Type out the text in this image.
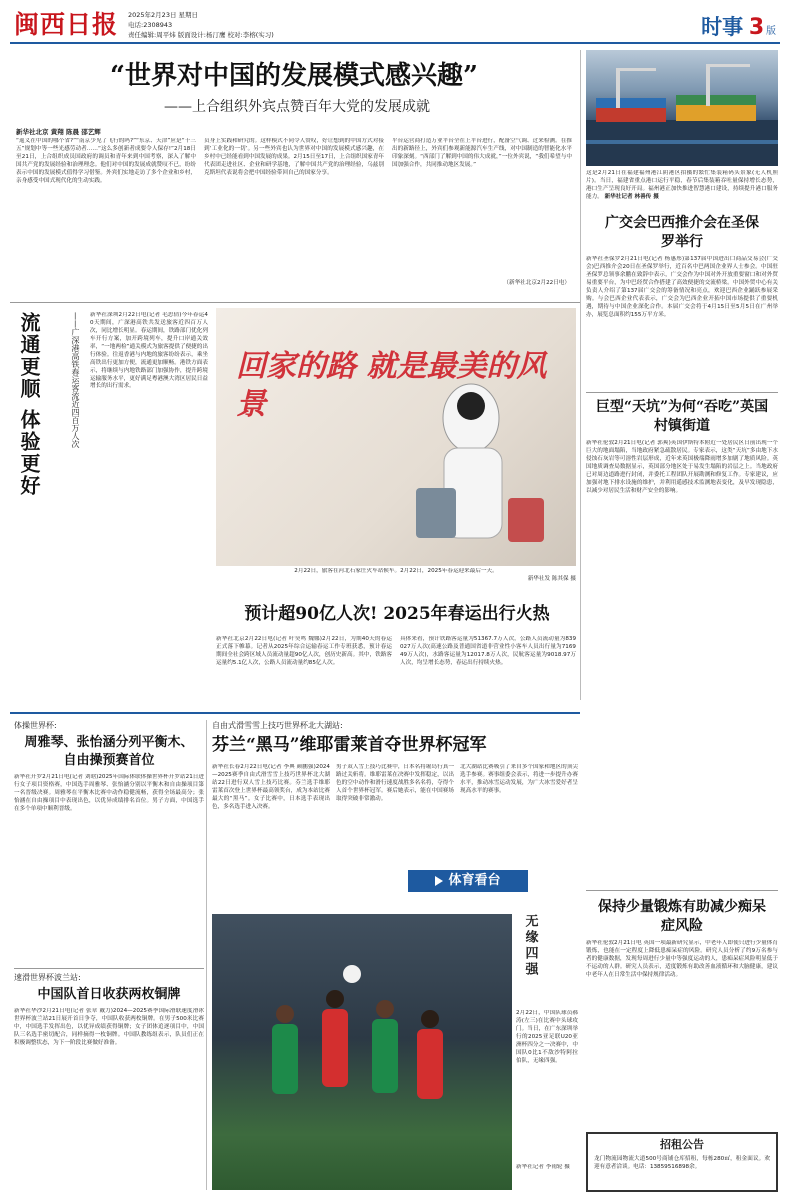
闽西日报 2025年2月23日 星期日
电话:2308943
责任编辑:周平炜 版面设计:杨汀鹰 校对:李榕(实习)	时事 3 版
“世界对中国的发展模式感兴趣”
——上合组织外宾点赞百年大党的发展成就
新华社北京 黄翔 陈晨 邵艺辉
“遥义在中国的哪个省?”“南京少见了飞行的吗?”“东京、天津”应是“十三五”规划中等一些光感劳动者……“这么多创新者成要令人保存!”2月18日至21日，上合组织成员国政府的调员和青年来到中国考察，深入了解中国共产党的发展经验和治理理念。他们对中国的发展成就赞叹不已，纷纷表示中国的发展模式值得学习借鉴。外宾们实地走访了多个企业和乡村，亲身感受中国式现代化的生动实践。
员身上实践和研究的。这样模式不同令人赞叹，好让想到的中国方式对接到‘工业化的一切’。另一些外宾也认为世界对中国的发展模式感兴趣，在乡村中已经能看到中国发展的成果。2月15日至17日，上合组织国家青年代表团走进社区、企业和研学基地，了解中国共产党的治理经验，乌兹别克斯坦代表说将会把中国经验带回自己的国家分享。
平台运营商打造万业平台全在上平台进行，配备空气调、过来检测。在推出的新路径上，外宾们参观新能源汽车生产线，对中国制造的智能化水平印象深刻。“西部门了解到中国的伟大成就，”一位外宾说，“我们希望与中国加强合作，共同推动地区发展。”
（新华社北京2月22日电）
这是2月21日在福建福州港江阴港区拍摄的繁忙集装箱码头景象(无人机照片)。当日，福建省重点港口运行平稳，春节后集装箱吞吐量保持增长态势，港口生产呈现良好开局。福州港正加快推进智慧港口建设，持续提升港口服务能力。 新华社记者 林善传 摄
广交会巴西推介会在圣保罗举行
新华社圣保罗2月21日电(记者 杨惠彤)第137届中国进出口商品交易会(广交会)巴西推介会20日在圣保罗举行，近百名中巴两国企业界人士参会。中国驻圣保罗总领事余鹏在致辞中表示，广交会作为中国对外开放重要窗口和对外贸易重要平台，为中巴经贸合作搭建了高效便捷的交流桥梁。中国外贸中心有关负责人介绍了第137届广交会的筹备情况和亮点，欢迎巴西企业踊跃参展采购。与会巴西企业代表表示，广交会为巴西企业开拓中国市场提供了重要机遇，期待与中国企业深化合作。本届广交会将于4月15日至5月5日在广州举办，展览总面积约155万平方米。
巨型“天坑”为何“吞吃”英国村镇街道
新华社伦敦2月21日电(记者 郭爽)英国伊斯特本附近一处居民区日前出现一个巨大的地面塌陷，当地政府紧急疏散居民。专家表示，这类“天坑”多由地下水侵蚀石灰岩等可溶性岩层形成，近年来英国极端降雨增多加剧了地质风险。英国地质调查局数据显示，英国部分地区处于易发生塌陷的岩层之上。当地政府已对周边道路进行封闭，并委托工程团队开展勘测和修复工作。专家建议，应加强对地下排水设施的维护，并利用遥感技术监测地表变化，及早发现隐患，以减少对居民生活和财产安全的影响。
保持少量锻炼有助减少痴呆症风险
新华社伦敦2月21日电 英国一项最新研究显示，中老年人即使只进行少量体育锻炼，也能在一定程度上降低患痴呆症的风险。研究人员分析了约9万名参与者的健康数据，发现每周进行少量中等强度运动的人，患痴呆症风险明显低于不运动的人群。研究人员表示，适度锻炼有助改善血液循环和大脑健康，建议中老年人在日常生活中保持规律活动。
招租公告
龙门物流园物流大道500号商铺仓库招租，每栋280㎡，租金面议。欢迎有意者洽谈。电话：13859516898余。
流通更顺 体验更好	——广深港高铁春运客流近四百万人次 新华社深圳2月22日电(记者 毛思倩)今年春运40天期间，广深港高铁共发送旅客近四百万人次，同比增长明显。春运期间，铁路部门优化列车开行方案，加开跨境列车，提升口岸通关效率，“一地两检”通关模式为旅客提供了便捷的出行体验。往返香港与内地的旅客纷纷表示，乘坐高铁出行更加方便，流通更加顺畅。港铁方面表示，将继续与内地铁路部门加强协作，提升跨境运输服务水平，更好满足粤港澳大湾区居民日益增长的出行需求。
回家的路 就是最美的风景
2月22日，旅客在河北石家庄火车站候车。2月22日，2025年春运迎来最后一天。
新华社发 陈其保 摄
预计超90亿人次! 2025年春运出行火热
新华社北京2月22日电(记者 叶昊鸣 魏娜)2月22日，为期40天的春运正式落下帷幕。记者从2025年综合运输春运工作专班获悉，预计春运期间全社会跨区域人员流动量超90亿人次，创历史新高。其中，铁路客运量约5.1亿人次，公路人员流动量约85亿人次。
具体来看，预计铁路客运量为51367.7万人次，公路人员流动量为839027万人次(高速公路及普通国省道非营业性小客车人员出行量为716949万人次)，水路客运量为12017.8万人次，民航客运量为9018.97万人次，均呈增长态势，春运出行持续火热。
体操世界杯:
周雅琴、张怡涵分列平衡木、自由操预赛首位
新华社开罗2月21日电(记者 刘晗)2025年国际体联体操世界杯开罗站21日进行女子项目资格赛，中国选手周雅琴、张怡涵分别以平衡木和自由操项目第一名晋级决赛。周雅琴在平衡木比赛中动作稳健流畅，获得全场最高分；张怡涵在自由操项目中表现出色，以优异成绩排名首位。男子方面，中国选手在多个单项中顺利晋级。
速滑世界杯波兰站:
中国队首日收获两枚铜牌
新华社华沙2月21日电(记者 张章 戴力)2024—2025赛季国际滑联速度滑冰世界杯波兰站21日展开首日争夺，中国队收获两枚铜牌。在男子500米比赛中，中国选手发挥出色，以优异成绩获得铜牌；女子团体追逐项目中，中国队三名选手密切配合，同样摘得一枚铜牌。中国队教练组表示，队员们正在积极调整状态，为下一阶段比赛做好准备。
自由式滑雪雪上技巧世界杯北大湖站:
芬兰“黑马”维耶雷莱首夺世界杯冠军
新华社长春2月22日电(记者 李典 颜鹏强)2024—2025赛季自由式滑雪雪上技巧世界杯北大湖站22日进行双人雪上技巧比赛。芬兰选手维耶雷莱首次登上世界杯最高领奖台，成为本站比赛最大的“黑马”。女子比赛中，日本选手表现出色，多名选手进入决赛。
男子双人雪上技巧比赛中，日本名将堀岛行真一路过关斩将。维耶雷莱在决赛中发挥稳定，以出色的空中动作和滑行速度战胜多名名将，夺得个人首个世界杯冠军。赛后她表示，能在中国赛场取得突破非常激动。
北大湖站比赛吸引了来自多个国家和地区的顶尖选手参赛。赛事组委会表示，将进一步提升办赛水平，推动冰雪运动发展，为广大冰雪爱好者呈现高水平的赛事。
体育看台
无缘四强
2月22日，中国队球员郝涛(左三)在比赛中头球攻门。当日，在广东深圳举行的2025亚足联U20亚洲杯四分之一决赛中，中国队0比1不敌沙特阿拉伯队，无缘四强。
新华社记者 李雨轮 摄
